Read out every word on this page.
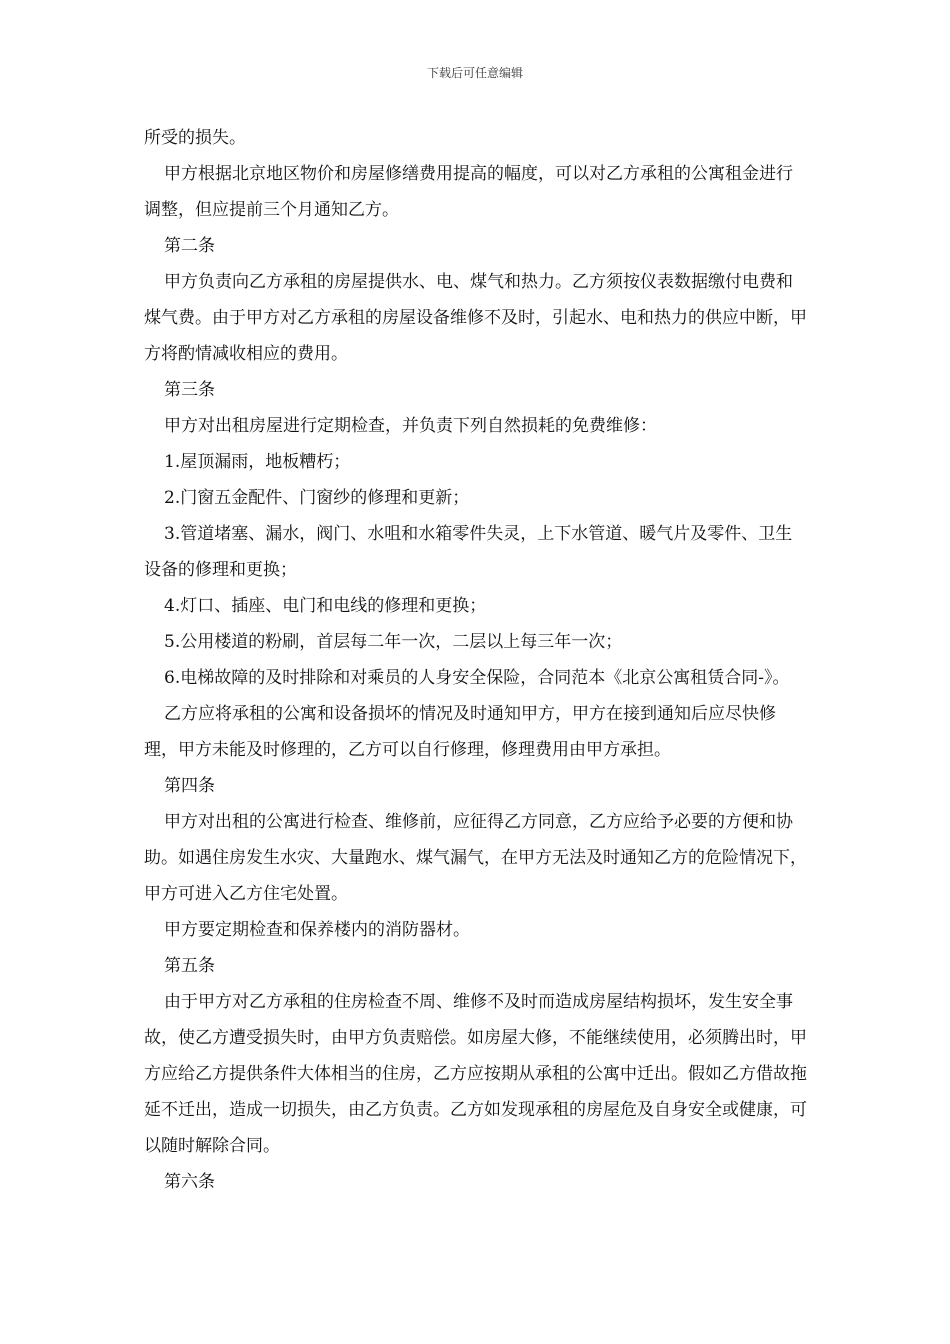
下载后可任意编辑

所受的损失。

甲方根据北京地区物价和房屋修缮费用提高的幅度，可以对乙方承租的公寓租金进行调整，但应提前三个月通知乙方。

第二条

甲方负责向乙方承租的房屋提供水、电、煤气和热力。乙方须按仪表数据缴付电费和煤气费。由于甲方对乙方承租的房屋设备维修不及时，引起水、电和热力的供应中断，甲方将酌情减收相应的费用。

第三条

甲方对出租房屋进行定期检查，并负责下列自然损耗的免费维修：

1.屋顶漏雨，地板糟朽；

2.门窗五金配件、门窗纱的修理和更新；

3.管道堵塞、漏水，阀门、水咀和水箱零件失灵，上下水管道、暖气片及零件、卫生设备的修理和更换；

4.灯口、插座、电门和电线的修理和更换；

5.公用楼道的粉刷，首层每二年一次，二层以上每三年一次；

6.电梯故障的及时排除和对乘员的人身安全保险，合同范本《北京公寓租赁合同-》。

乙方应将承租的公寓和设备损坏的情况及时通知甲方，甲方在接到通知后应尽快修理，甲方未能及时修理的，乙方可以自行修理，修理费用由甲方承担。

第四条

甲方对出租的公寓进行检查、维修前，应征得乙方同意，乙方应给予必要的方便和协助。如遇住房发生水灾、大量跑水、煤气漏气，在甲方无法及时通知乙方的危险情况下，甲方可进入乙方住宅处置。

甲方要定期检查和保养楼内的消防器材。

第五条

由于甲方对乙方承租的住房检查不周、维修不及时而造成房屋结构损坏，发生安全事故，使乙方遭受损失时，由甲方负责赔偿。如房屋大修，不能继续使用，必须腾出时，甲方应给乙方提供条件大体相当的住房，乙方应按期从承租的公寓中迁出。假如乙方借故拖延不迁出，造成一切损失，由乙方负责。乙方如发现承租的房屋危及自身安全或健康，可以随时解除合同。

第六条
